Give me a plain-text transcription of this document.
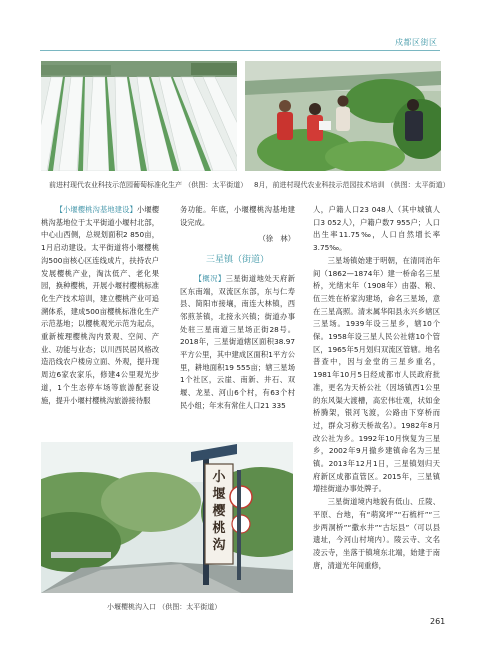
戍都区街区
前进村现代农业科技示范园葡萄标准化生产 （供图：太平街道） 8月，前进村现代农业科技示范园技术培训 （供图：太平街道）

【小堰樱桃沟基地建设】小堰樱桃沟基地位于太平街道小堰村北部，中心山西侧，总规划面积2 850亩，1月启动建设。太平街道将小堰樱桃沟500亩核心区连线成片，扶持农户发展樱桃产业，淘汰低产、老化果园，换种樱桃，开展小堰村樱桃标准化生产技术培训，建立樱桃产业可追溯体系，建成500亩樱桃标准化生产示范基地；以樱桃观光示范为起点，重新梳理樱桃沟内景观、空间、产业、功能与业态；以川西民居风格改造沿线农户楼房立面、外观，提升现周边6家农家乐，修建4公里观光步道，1个生态停车场等旅游配套设施，提升小堰村樱桃沟旅游接待服

务功能。年底，小堰樱桃沟基地建设完成。

（徐　林）
三星镇（街道）

【概况】三星街道地处天府新区东南端，双流区东部，东与仁寿县、简阳市接壤，南连大林镇，西邻煎茶镇，北接永兴镇；街道办事处驻三星南道三星场正街28号。2018年，三星街道辖区面积38.97平方公里，其中建成区面积1平方公里，耕地面积19 555亩；辖三星场1个社区，云崖、南新、井石、双堰、龙星、河山6个村，有63个村民小组；年末有常住人口21 335

人，户籍人口23 048人（其中城镇人口3 052人），户籍户数7 955户；人口出生率11.75‰，人口自然增长率3.75‰。

三星场镇始建于明朝，在清同治年间（1862—1874年）建一桥命名三星桥，光绪末年（1908年）由器、粮、伍三姓在桥家沟建场，命名三星场，意在三星高照。清末属华阳县永兴乡辖区三星场。1939年设三星乡，辖10个保。1958年设三星人民公社辖10个管区，1965年5月划归双流区管辖。地名普查中，因与金堂的三星乡重名，1981年10月5日经成都市人民政府批准，更名为天桥公社（因场镇西1公里的东风渠大渡槽，高宏伟壮观，状如金桥腾架，银河飞渡，公路由下穿桥而过，群众习称天桥故名）。1982年8月改公社为乡。1992年10月恢复为三星乡，2002年9月撤乡建镇命名为三星镇。2013年12月1日，三星镇划归天府新区成都直管区。2015年，三星镇增挂街道办事处牌子。

三星街道境内地貌有低山、丘陵、平原、台地，有“萌窝坪”“石梳杆”“三步两洞桥”“撒水井”“古坛县”（可以县遗址，今河山村境内）。陵云寺、文名凌云寺，坐落于镇境东北端，始建于南唐，清道光年间重修，

小堰樱桃沟
小堰樱桃沟入口 （供图：太平街道）
261
